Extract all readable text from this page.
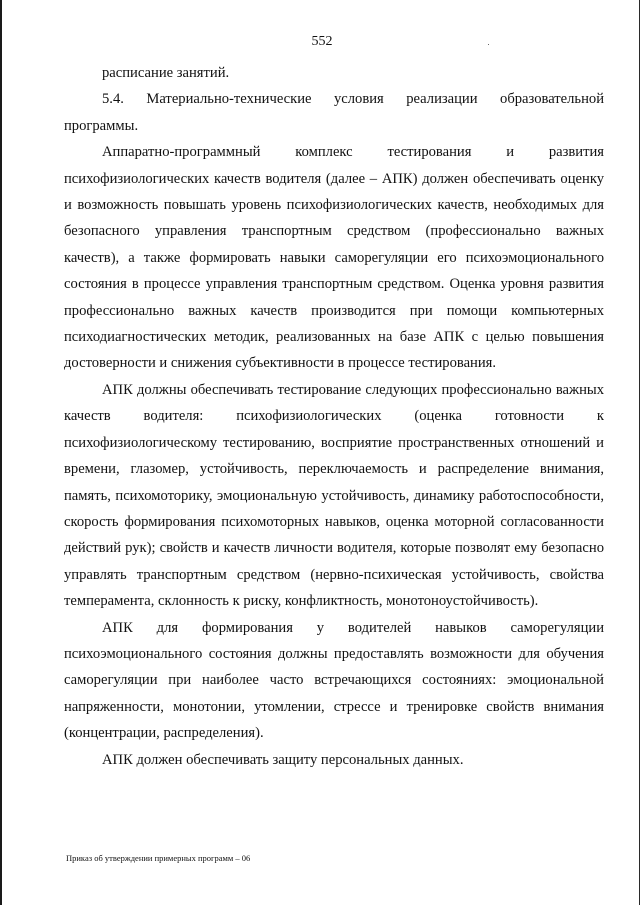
552

расписание занятий.

5.4. Материально-технические условия реализации образовательной программы.

Аппаратно-программный комплекс тестирования и развития психофизиологических качеств водителя (далее – АПК) должен обеспечивать оценку и возможность повышать уровень психофизиологических качеств, необходимых для безопасного управления транспортным средством (профессионально важных качеств), а также формировать навыки саморегуляции его психоэмоционального состояния в процессе управления транспортным средством. Оценка уровня развития профессионально важных качеств производится при помощи компьютерных психодиагностических методик, реализованных на базе АПК с целью повышения достоверности и снижения субъективности в процессе тестирования.

АПК должны обеспечивать тестирование следующих профессионально важных качеств водителя: психофизиологических (оценка готовности к психофизиологическому тестированию, восприятие пространственных отношений и времени, глазомер, устойчивость, переключаемость и распределение внимания, память, психомоторику, эмоциональную устойчивость, динамику работоспособности, скорость формирования психомоторных навыков, оценка моторной согласованности действий рук); свойств и качеств личности водителя, которые позволят ему безопасно управлять транспортным средством (нервно-психическая устойчивость, свойства темперамента, склонность к риску, конфликтность, монотоноустойчивость).

АПК для формирования у водителей навыков саморегуляции психоэмоционального состояния должны предоставлять возможности для обучения саморегуляции при наиболее часто встречающихся состояниях: эмоциональной напряженности, монотонии, утомлении, стрессе и тренировке свойств внимания (концентрации, распределения).

АПК должен обеспечивать защиту персональных данных.

Приказ об утверждении примерных программ – 06
